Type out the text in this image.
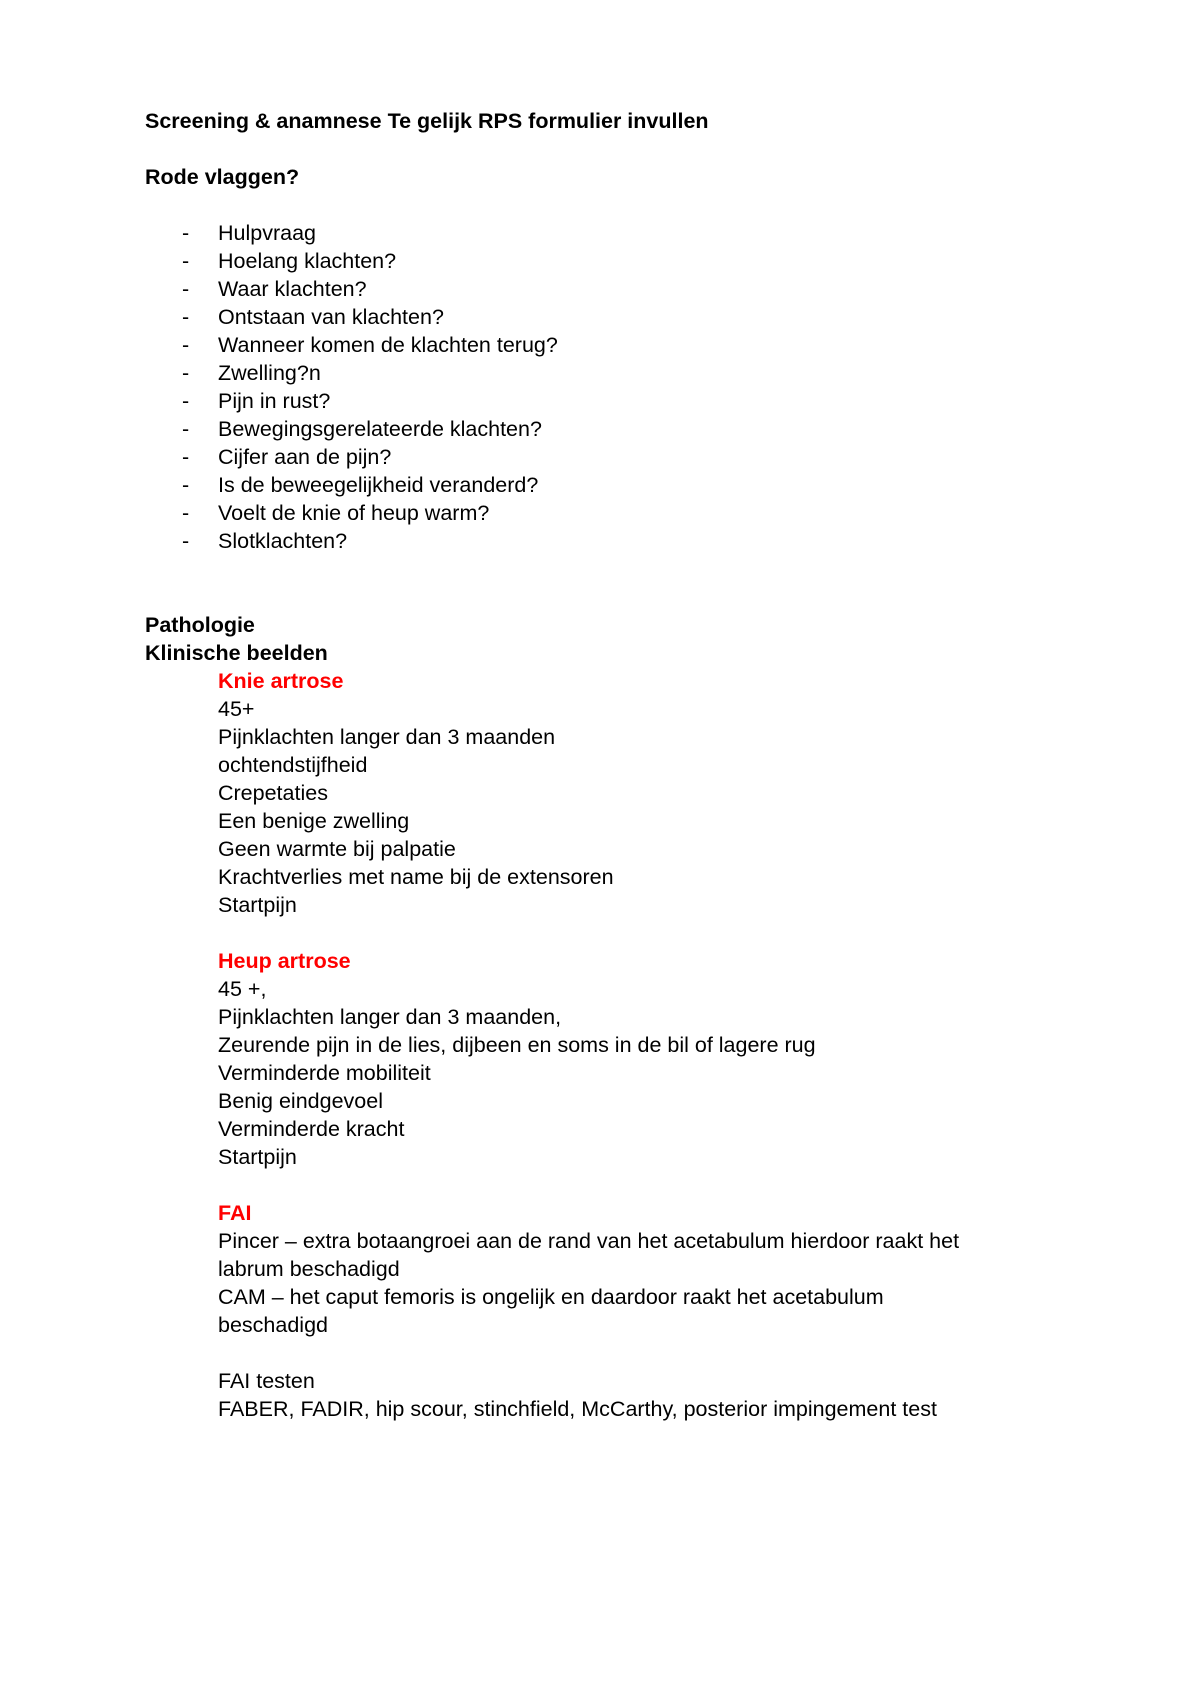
Screening & anamnese Te gelijk RPS formulier invullen
Rode vlaggen?
- Hulpvraag
- Hoelang klachten?
- Waar klachten?
- Ontstaan van klachten?
- Wanneer komen de klachten terug?
- Zwelling?n
- Pijn in rust?
- Bewegingsgerelateerde klachten?
- Cijfer aan de pijn?
- Is de beweegelijkheid veranderd?
- Voelt de knie of heup warm?
- Slotklachten?
Pathologie
Klinische beelden
Knie artrose
45+
Pijnklachten langer dan 3 maanden
ochtendstijfheid
Crepetaties
Een benige zwelling
Geen warmte bij palpatie
Krachtverlies met name bij de extensoren
Startpijn
Heup artrose
45 +,
Pijnklachten langer dan 3 maanden,
Zeurende pijn in de lies, dijbeen en soms in de bil of lagere rug
Verminderde mobiliteit
Benig eindgevoel
Verminderde kracht
Startpijn
FAI
Pincer – extra botaangroei aan de rand van het acetabulum hierdoor raakt het
labrum beschadigd
CAM – het caput femoris is ongelijk en daardoor raakt het acetabulum
beschadigd
FAI testen
FABER, FADIR, hip scour, stinchfield, McCarthy, posterior impingement test
